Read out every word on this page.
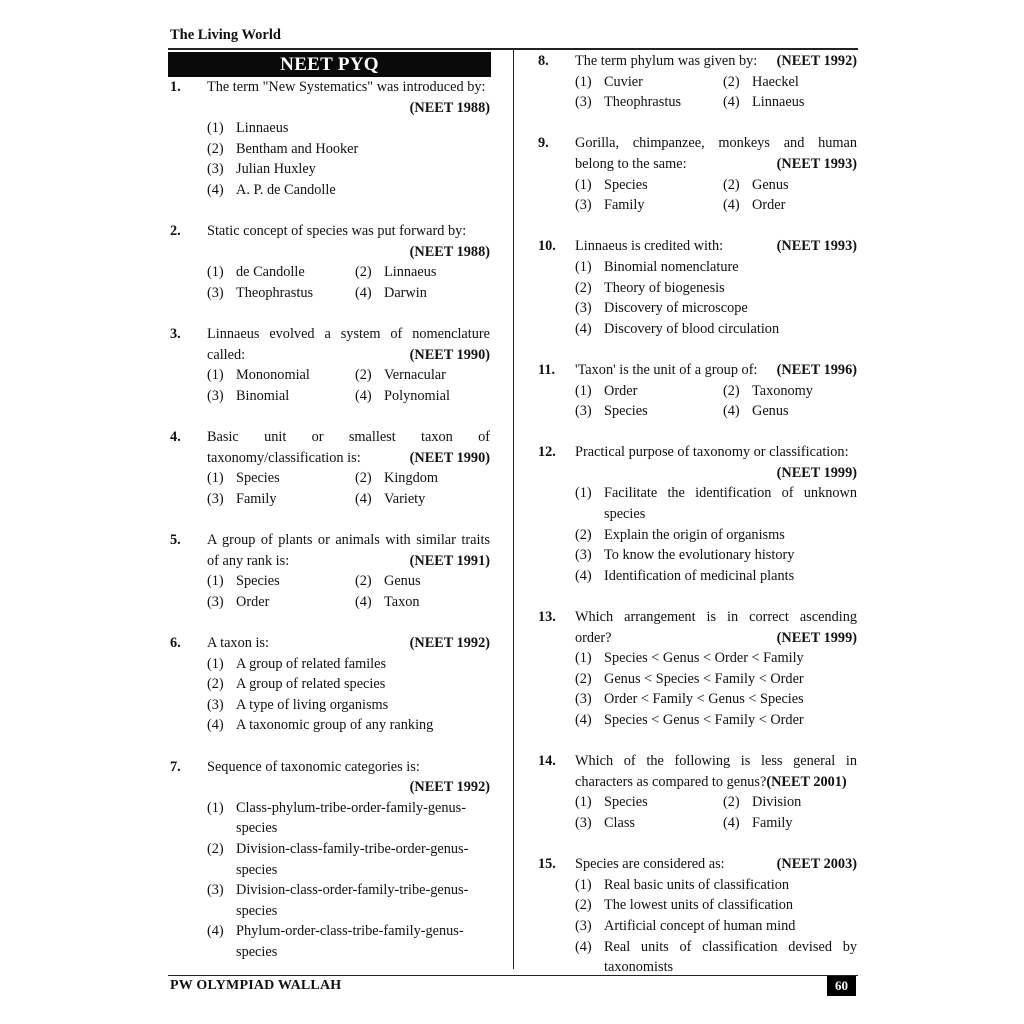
The Living World
NEET PYQ
1.	The term "New Systematics" was introduced by:
(NEET 1988)
(1) Linnaeus
(2) Bentham and Hooker
(3) Julian Huxley
(4) A. P. de Candolle
2.	Static concept of species was put forward by:
(NEET 1988)
(1) de Candolle	(2) Linnaeus
(3) Theophrastus	(4) Darwin
3.	Linnaeus evolved a system of nomenclature called:	(NEET 1990)
(1) Mononomial	(2) Vernacular
(3) Binomial	(4) Polynomial
4.	Basic unit or smallest taxon of taxonomy/classification is:	(NEET 1990)
(1) Species	(2) Kingdom
(3) Family	(4) Variety
5.	A group of plants or animals with similar traits of any rank is:	(NEET 1991)
(1) Species	(2) Genus
(3) Order	(4) Taxon
6.	A taxon is:	(NEET 1992)
(1) A group of related familes
(2) A group of related species
(3) A type of living organisms
(4) A taxonomic group of any ranking
7.	Sequence of taxonomic categories is:
(NEET 1992)
(1) Class-phylum-tribe-order-family-genus-species
(2) Division-class-family-tribe-order-genus-species
(3) Division-class-order-family-tribe-genus-species
(4) Phylum-order-class-tribe-family-genus-species
8.	The term phylum was given by: (NEET 1992)
(1) Cuvier	(2) Haeckel
(3) Theophrastus	(4) Linnaeus
9.	Gorilla, chimpanzee, monkeys and human belong to the same:	(NEET 1993)
(1) Species	(2) Genus
(3) Family	(4) Order
10.	Linnaeus is credited with:	(NEET 1993)
(1) Binomial nomenclature
(2) Theory of biogenesis
(3) Discovery of microscope
(4) Discovery of blood circulation
11.	'Taxon' is the unit of a group of: (NEET 1996)
(1) Order	(2) Taxonomy
(3) Species	(4) Genus
12.	Practical purpose of taxonomy or classification:
(NEET 1999)
(1) Facilitate the identification of unknown species
(2) Explain the origin of organisms
(3) To know the evolutionary history
(4) Identification of medicinal plants
13.	Which arrangement is in correct ascending order?	(NEET 1999)
(1) Species < Genus < Order < Family
(2) Genus < Species < Family < Order
(3) Order < Family < Genus < Species
(4) Species < Genus < Family < Order
14.	Which of the following is less general in characters as compared to genus?(NEET 2001)
(1) Species	(2) Division
(3) Class	(4) Family
15.	Species are considered as:	(NEET 2003)
(1) Real basic units of classification
(2) The lowest units of classification
(3) Artificial concept of human mind
(4) Real units of classification devised by taxonomists
PW OLYMPIAD WALLAH	60
